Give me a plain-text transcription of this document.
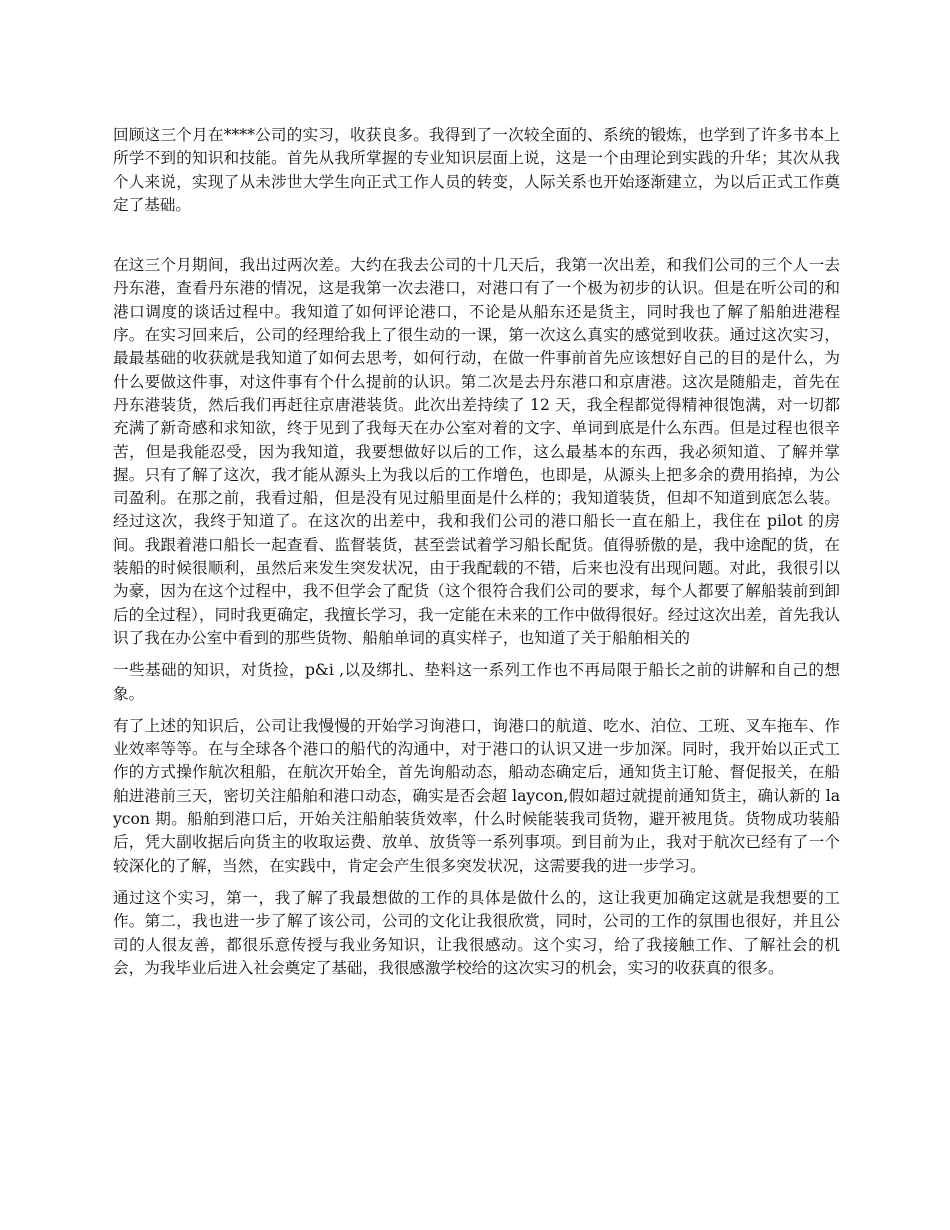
回顾这三个月在****公司的实习，收获良多。我得到了一次较全面的、系统的锻炼，也学到了许多书本上所学不到的知识和技能。首先从我所掌握的专业知识层面上说，这是一个由理论到实践的升华；其次从我个人来说，实现了从未涉世大学生向正式工作人员的转变，人际关系也开始逐渐建立，为以后正式工作奠定了基础。

在这三个月期间，我出过两次差。大约在我去公司的十几天后，我第一次出差，和我们公司的三个人一去丹东港，查看丹东港的情况，这是我第一次去港口，对港口有了一个极为初步的认识。但是在听公司的和港口调度的谈话过程中。我知道了如何评论港口，不论是从船东还是货主，同时我也了解了船舶进港程序。在实习回来后，公司的经理给我上了很生动的一课，第一次这么真实的感觉到收获。通过这次实习，最最基础的收获就是我知道了如何去思考，如何行动，在做一件事前首先应该想好自己的目的是什么，为什么要做这件事，对这件事有个什么提前的认识。第二次是去丹东港口和京唐港。这次是随船走，首先在丹东港装货，然后我们再赶往京唐港装货。此次出差持续了 12 天，我全程都觉得精神很饱满，对一切都充满了新奇感和求知欲，终于见到了我每天在办公室对着的文字、单词到底是什么东西。但是过程也很辛苦，但是我能忍受，因为我知道，我要想做好以后的工作，这么最基本的东西，我必须知道、了解并掌握。只有了解了这次，我才能从源头上为我以后的工作增色，也即是，从源头上把多余的费用掐掉，为公司盈利。在那之前，我看过船，但是没有见过船里面是什么样的；我知道装货，但却不知道到底怎么装。经过这次，我终于知道了。在这次的出差中，我和我们公司的港口船长一直在船上，我住在 pilot 的房间。我跟着港口船长一起查看、监督装货，甚至尝试着学习船长配货。值得骄傲的是，我中途配的货，在装船的时候很顺利，虽然后来发生突发状况，由于我配载的不错，后来也没有出现问题。对此，我很引以为豪，因为在这个过程中，我不但学会了配货（这个很符合我们公司的要求，每个人都要了解船装前到卸后的全过程），同时我更确定，我擅长学习，我一定能在未来的工作中做得很好。经过这次出差，首先我认识了我在办公室中看到的那些货物、船舶单词的真实样子，也知道了关于船舶相关的

一些基础的知识，对货捡，p&i ,以及绑扎、垫料这一系列工作也不再局限于船长之前的讲解和自己的想象。

有了上述的知识后，公司让我慢慢的开始学习询港口，询港口的航道、吃水、泊位、工班、叉车拖车、作业效率等等。在与全球各个港口的船代的沟通中，对于港口的认识又进一步加深。同时，我开始以正式工作的方式操作航次租船，在航次开始全，首先询船动态，船动态确定后，通知货主订舱、督促报关，在船舶进港前三天，密切关注船舶和港口动态，确实是否会超 laycon,假如超过就提前通知货主，确认新的 laycon 期。船舶到港口后，开始关注船舶装货效率，什么时候能装我司货物，避开被甩货。货物成功装船后，凭大副收据后向货主的收取运费、放单、放货等一系列事项。到目前为止，我对于航次已经有了一个较深化的了解，当然，在实践中，肯定会产生很多突发状况，这需要我的进一步学习。

通过这个实习，第一，我了解了我最想做的工作的具体是做什么的，这让我更加确定这就是我想要的工作。第二，我也进一步了解了该公司，公司的文化让我很欣赏，同时，公司的工作的氛围也很好，并且公司的人很友善，都很乐意传授与我业务知识，让我很感动。这个实习，给了我接触工作、了解社会的机会，为我毕业后进入社会奠定了基础，我很感激学校给的这次实习的机会，实习的收获真的很多。
